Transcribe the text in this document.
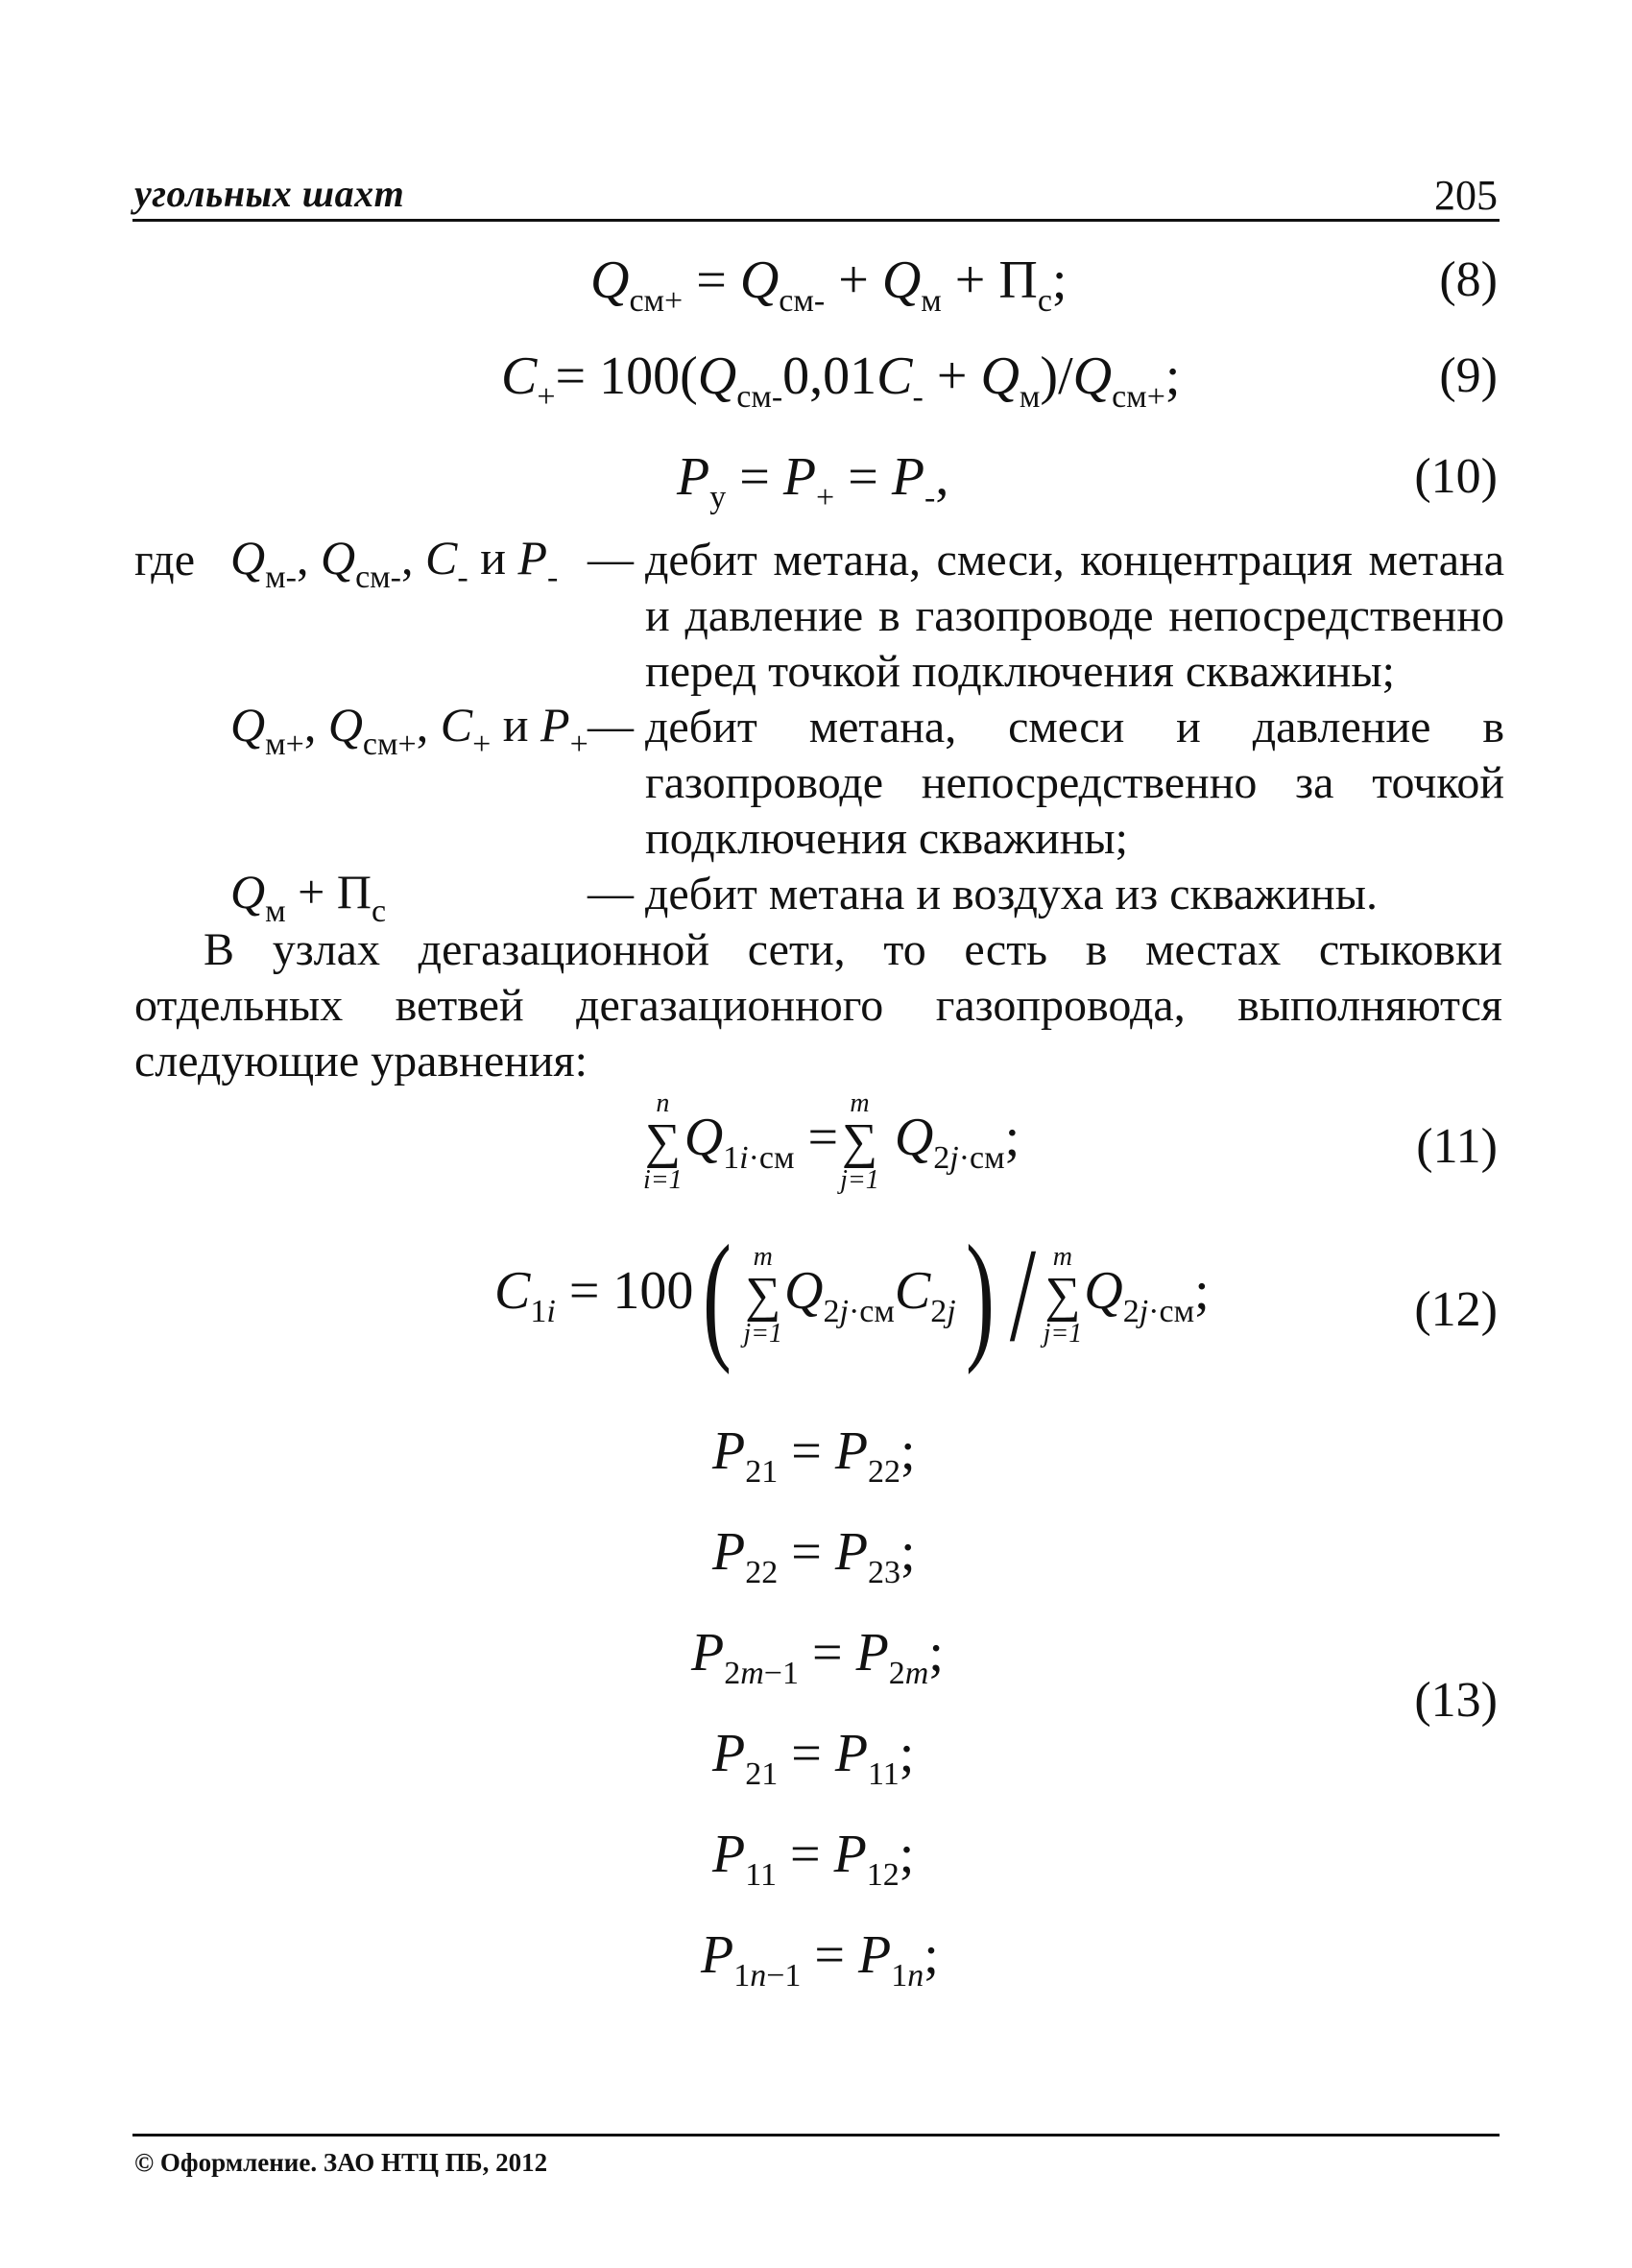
угольных шахт	205
$Q_{см+} = Q_{см-} + Q_м + П_с$;	(8)
$C_+= 100(Q_{см-}0,01C_- + Q_м)/Q_{см+}$;	(9)
$P_у = P_+ = P_-$,	(10)
где $Q_{м-}$, $Q_{см-}$, $C_-$ и $P_-$ — дебит метана, смеси, концентрация метана и давление в газопроводе непосредственно перед точкой подключения скважины;
$Q_{м+}$, $Q_{см+}$, $C_+$ и $P_+$ — дебит метана, смеси и давление в газопроводе непосредственно за точкой подключения скважины;
$Q_м + П_с$	— дебит метана и воздуха из скважины.
В узлах дегазационной сети, то есть в местах стыковки отдельных ветвей дегазационного газопровода, выполняются следующие уравнения:
n
∑
i=1
$Q_{1i\cdot см}$ =
m
∑
j=1
$Q_{2j\cdot см}$;	(11)
$C_{1i} = 100$( m
∑
j=1
$Q_{2j\cdot см}C_{2j}$) / m
∑
j=1
$Q_{2j\cdot см}$;	(12)
$P_{21} = P_{22}$;
$P_{22} = P_{23}$;
$P_{2m-1} = P_{2m}$;
$P_{21} = P_{11}$;
$P_{11} = P_{12}$;
$P_{1n-1} = P_{1n}$;
(13)
© Оформление. ЗАО НТЦ ПБ, 2012
